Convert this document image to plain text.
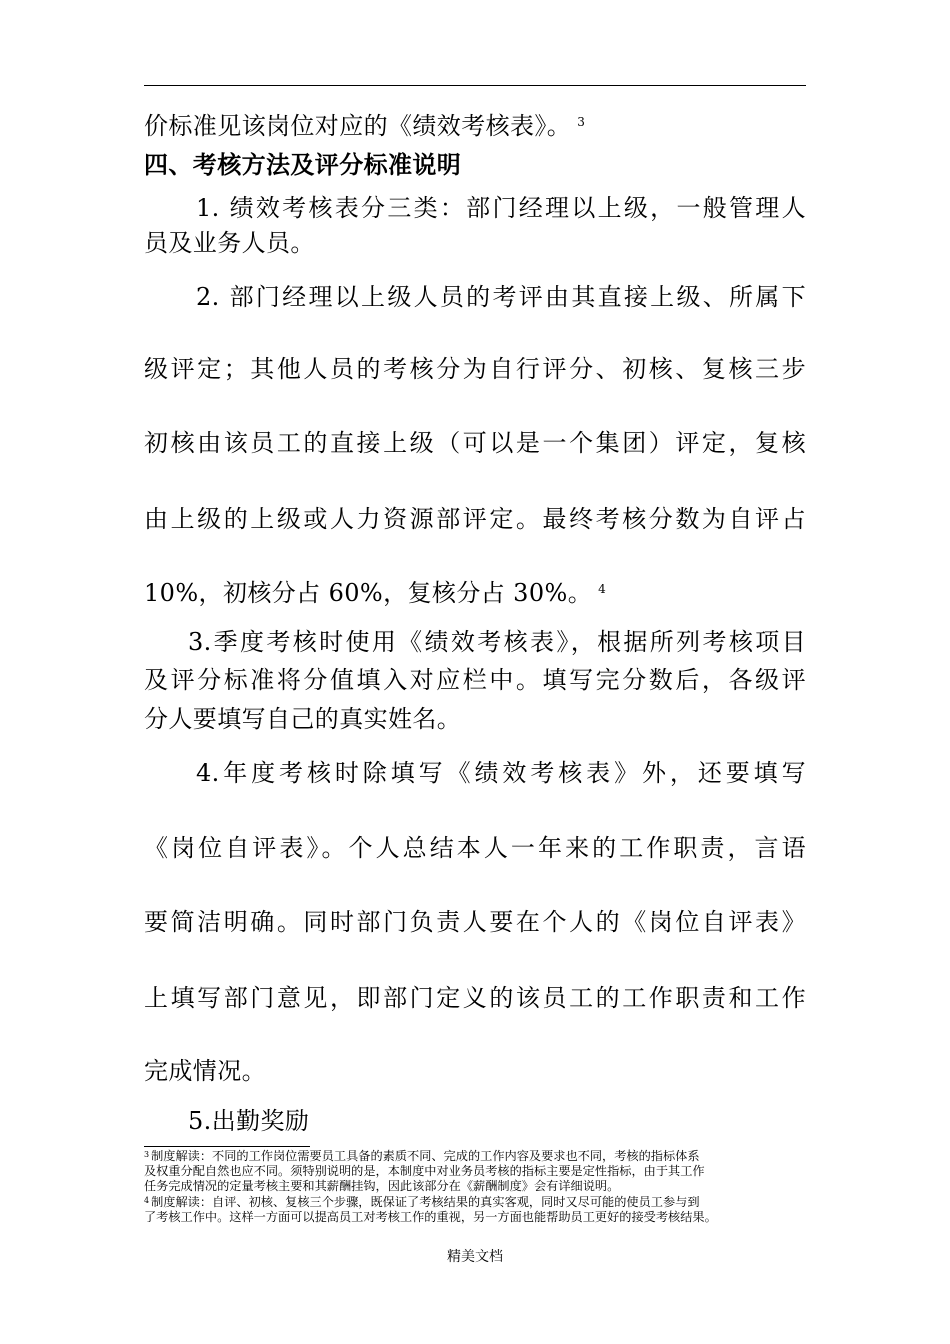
价标准见该岗位对应的《绩效考核表》。 $^3$
四、考核方法及评分标准说明
1. 绩效考核表分三类：部门经理以上级，一般管理人
员及业务人员。
2. 部门经理以上级人员的考评由其直接上级、所属下
级评定；其他人员的考核分为自行评分、初核、复核三步
初核由该员工的直接上级（可以是一个集团）评定，复核
由上级的上级或人力资源部评定。最终考核分数为自评占
10%，初核分占 60%，复核分占 30%。 $^4$
3.季度考核时使用《绩效考核表》，根据所列考核项目
及评分标准将分值填入对应栏中。填写完分数后，各级评
分人要填写自己的真实姓名。
4.年度考核时除填写《绩效考核表》外，还要填写
《岗位自评表》。个人总结本人一年来的工作职责，言语
要简洁明确。同时部门负责人要在个人的《岗位自评表》
上填写部门意见，即部门定义的该员工的工作职责和工作
完成情况。
5.出勤奖励
$^3$ 制度解读：不同的工作岗位需要员工具备的素质不同、完成的工作内容及要求也不同，考核的指标体系
及权重分配自然也应不同。须特别说明的是，本制度中对业务员考核的指标主要是定性指标，由于其工作
任务完成情况的定量考核主要和其薪酬挂钩，因此该部分在《薪酬制度》会有详细说明。
$^4$ 制度解读：自评、初核、复核三个步骤，既保证了考核结果的真实客观，同时又尽可能的使员工参与到
了考核工作中。这样一方面可以提高员工对考核工作的重视，另一方面也能帮助员工更好的接受考核结果。
精美文档
